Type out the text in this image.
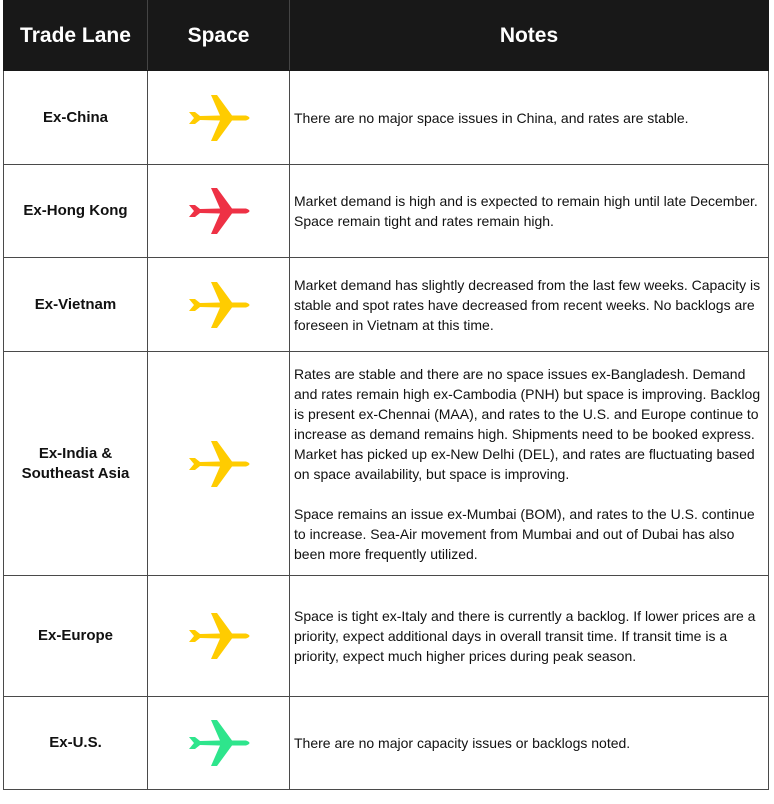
Trade Lane	Space	Notes
Ex-China		There are no major space issues in China, and rates are stable.

Ex-Hong Kong		Market demand is high and is expected to remain high until late December. Space remain tight and rates remain high.

Ex-Vietnam		Market demand has slightly decreased from the last few weeks. Capacity is stable and spot rates have decreased from recent weeks. No backlogs are foreseen in Vietnam at this time.

Ex-India &
Southeast Asia		Rates are stable and there are no space issues ex-Bangladesh. Demand and rates remain high ex-Cambodia (PNH) but space is improving. Backlog is present ex-Chennai (MAA), and rates to the U.S. and Europe continue to increase as demand remains high. Shipments need to be booked express. Market has picked up ex-New Delhi (DEL), and rates are fluctuating based on space availability, but space is improving.
Space remains an issue ex-Mumbai (BOM), and rates to the U.S. continue to increase. Sea-Air movement from Mumbai and out of Dubai has also been more frequently utilized.

Ex-Europe		Space is tight ex-Italy and there is currently a backlog. If lower prices are a priority, expect additional days in overall transit time. If transit time is a priority, expect much higher prices during peak season.

Ex-U.S.		There are no major capacity issues or backlogs noted.
